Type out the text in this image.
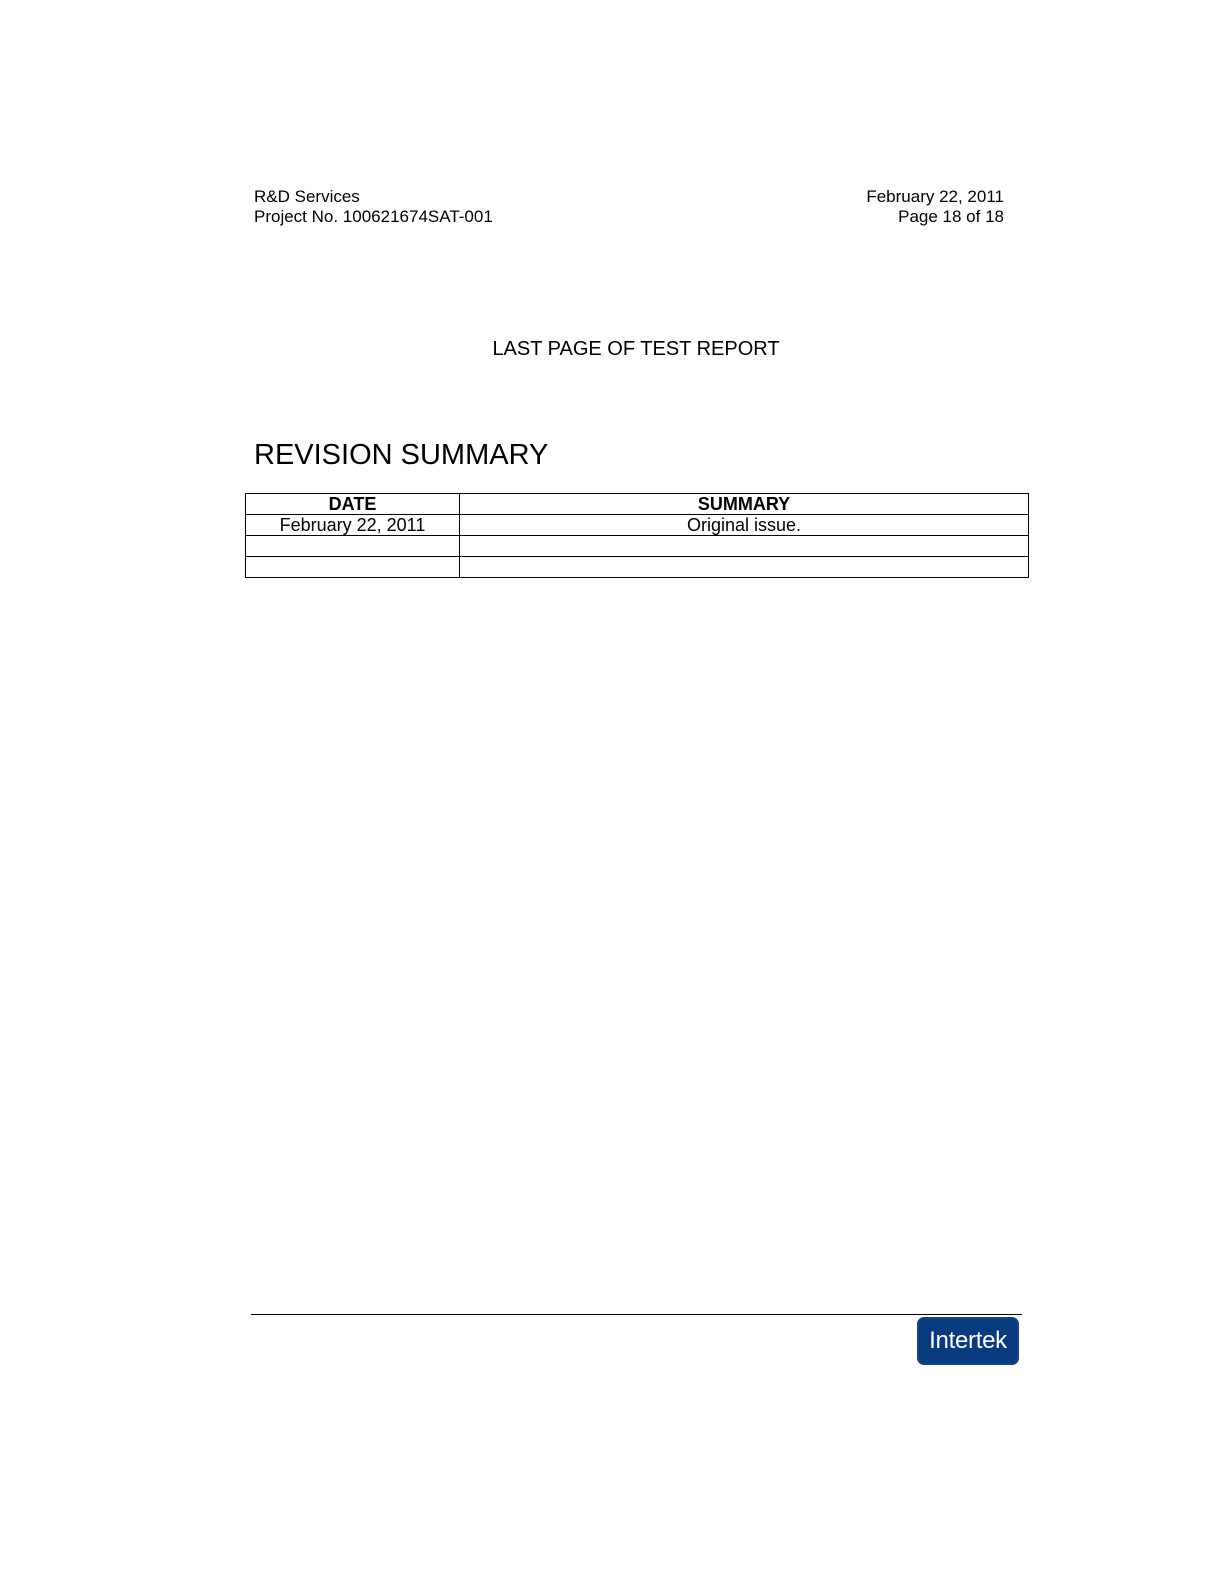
R&D Services
Project No. 100621674SAT-001
February 22, 2011
Page 18 of 18
LAST PAGE OF TEST REPORT
REVISION SUMMARY
DATE	SUMMARY
February 22, 2011	Original issue.

Intertek
